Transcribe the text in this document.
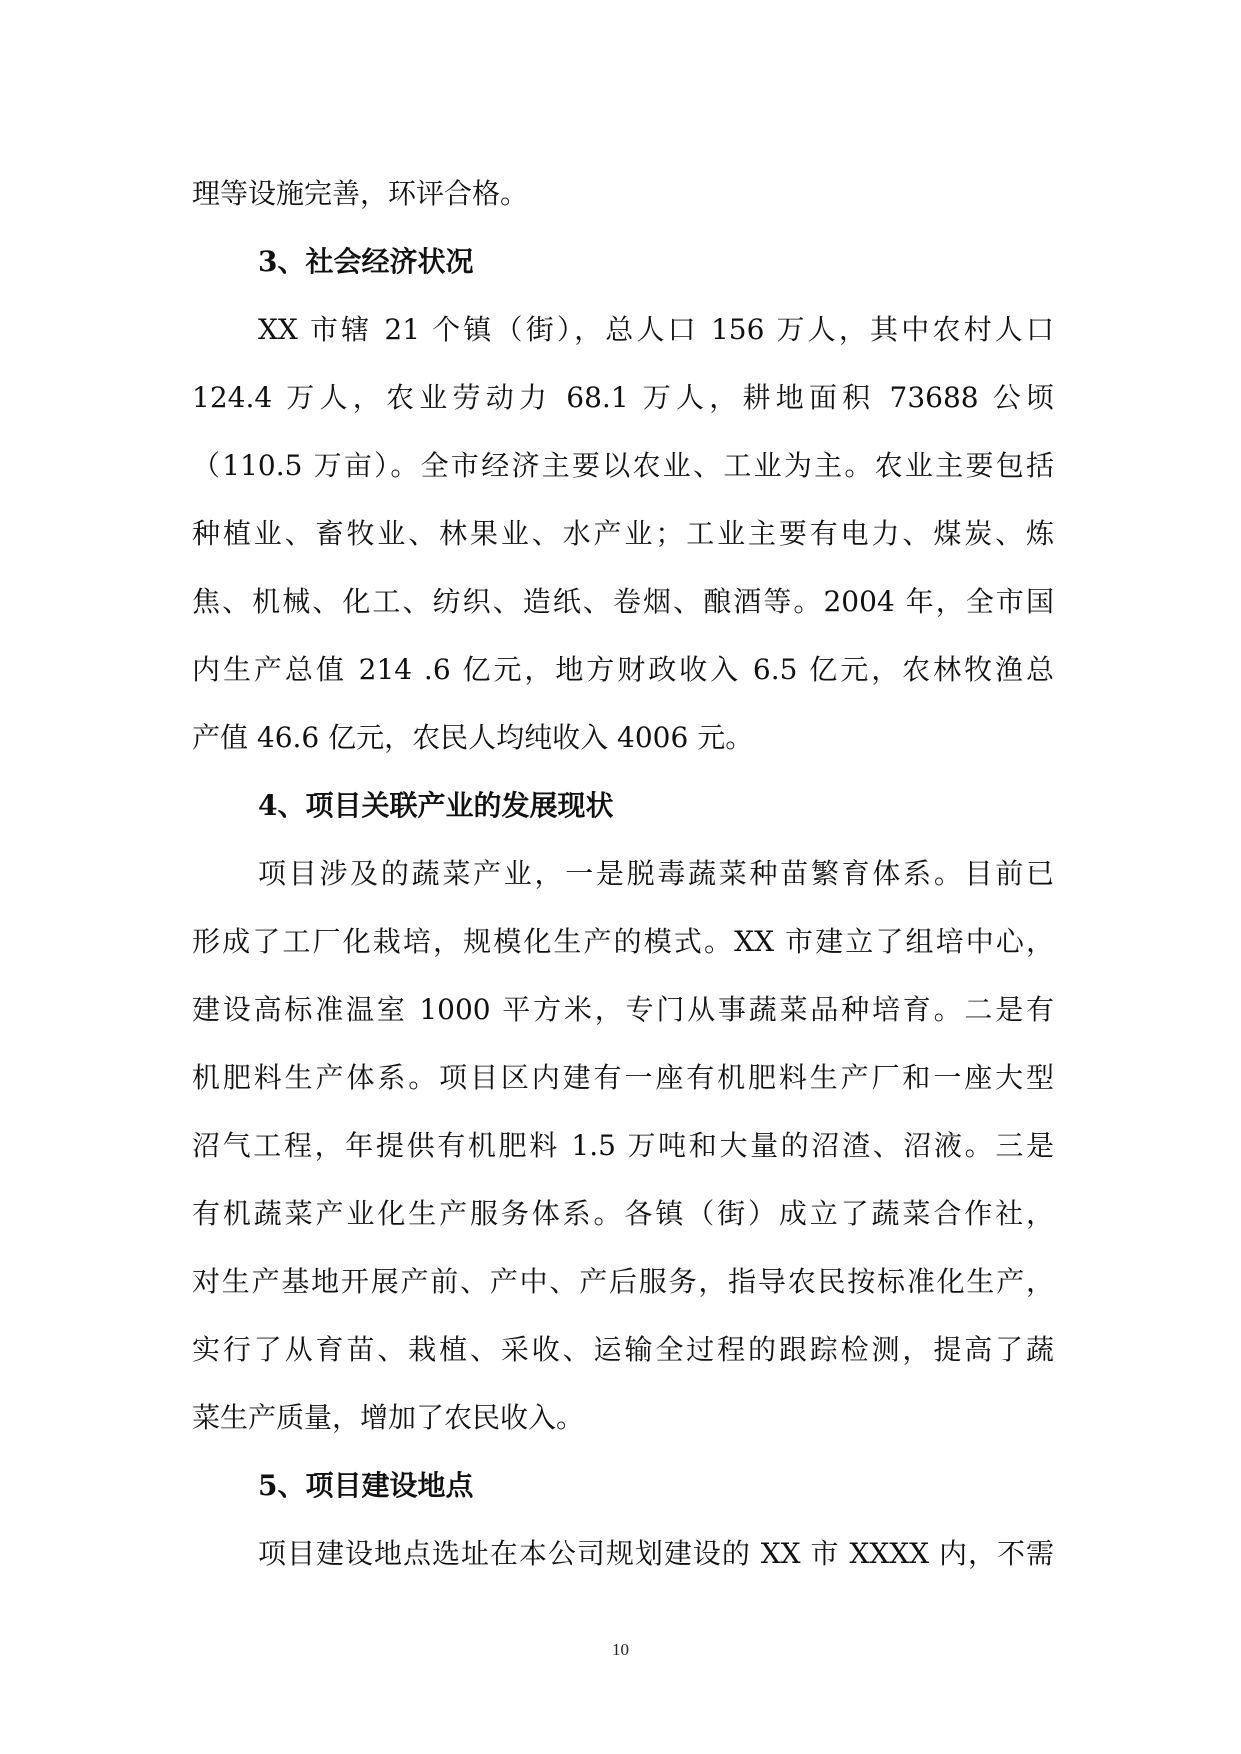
理等设施完善，环评合格。
3、社会经济状况
XX 市辖 21 个镇（街），总人口 156 万人，其中农村人口
124.4 万人，农业劳动力 68.1 万人，耕地面积 73688 公顷
（110.5 万亩）。全市经济主要以农业、工业为主。农业主要包括
种植业、畜牧业、林果业、水产业；工业主要有电力、煤炭、炼
焦、机械、化工、纺织、造纸、卷烟、酿酒等。2004 年，全市国
内生产总值 214 .6 亿元，地方财政收入 6.5 亿元，农林牧渔总
产值 46.6 亿元，农民人均纯收入 4006 元。
4、项目关联产业的发展现状
项目涉及的蔬菜产业，一是脱毒蔬菜种苗繁育体系。目前已
形成了工厂化栽培，规模化生产的模式。XX 市建立了组培中心，
建设高标准温室 1000 平方米，专门从事蔬菜品种培育。二是有
机肥料生产体系。项目区内建有一座有机肥料生产厂和一座大型
沼气工程，年提供有机肥料 1.5 万吨和大量的沼渣、沼液。三是
有机蔬菜产业化生产服务体系。各镇（街）成立了蔬菜合作社，
对生产基地开展产前、产中、产后服务，指导农民按标准化生产，
实行了从育苗、栽植、采收、运输全过程的跟踪检测，提高了蔬
菜生产质量，增加了农民收入。
5、项目建设地点
项目建设地点选址在本公司规划建设的 XX 市 XXXX 内，不需
10
